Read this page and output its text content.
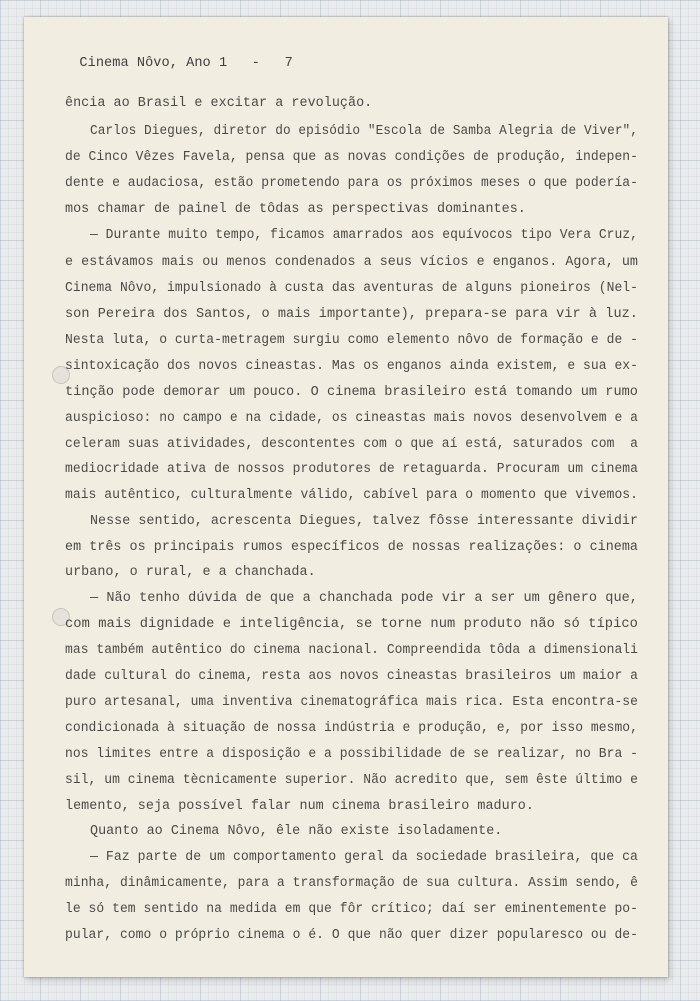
Cinema Nôvo, Ano 1 - 7

ência ao Brasil e excitar a revolução.
Carlos Diegues, diretor do episódio "Escola de Samba Alegria de Viver",
de Cinco Vêzes Favela, pensa que as novas condições de produção, indepen-
dente e audaciosa, estão prometendo para os próximos meses o que podería-
mos chamar de painel de tôdas as perspectivas dominantes.
— Durante muito tempo, ficamos amarrados aos equívocos tipo Vera Cruz,
e estávamos mais ou menos condenados a seus vícios e enganos. Agora, um
Cinema Nôvo, impulsionado à custa das aventuras de alguns pioneiros (Nel-
son Pereira dos Santos, o mais importante), prepara-se para vir à luz.
Nesta luta, o curta-metragem surgiu como elemento nôvo de formação e de -
sintoxicação dos novos cineastas. Mas os enganos ainda existem, e sua ex-
tinção pode demorar um pouco. O cinema brasileiro está tomando um rumo
auspicioso: no campo e na cidade, os cineastas mais novos desenvolvem e a
celeram suas atividades, descontentes com o que aí está, saturados com  a
mediocridade ativa de nossos produtores de retaguarda. Procuram um cinema
mais autêntico, culturalmente válido, cabível para o momento que vivemos.
Nesse sentido, acrescenta Diegues, talvez fôsse interessante dividir
em três os principais rumos específicos de nossas realizações: o cinema
urbano, o rural, e a chanchada.
— Não tenho dúvida de que a chanchada pode vir a ser um gênero que,
com mais dignidade e inteligência, se torne num produto não só típico
mas também autêntico do cinema nacional. Compreendida tôda a dimensionali
dade cultural do cinema, resta aos novos cineastas brasileiros um maior a
puro artesanal, uma inventiva cinematográfica mais rica. Esta encontra-se
condicionada à situação de nossa indústria e produção, e, por isso mesmo,
nos limites entre a disposição e a possibilidade de se realizar, no Bra -
sil, um cinema tècnicamente superior. Não acredito que, sem êste último e
lemento, seja possível falar num cinema brasileiro maduro.
Quanto ao Cinema Nôvo, êle não existe isoladamente.
— Faz parte de um comportamento geral da sociedade brasileira, que ca
minha, dinâmicamente, para a transformação de sua cultura. Assim sendo, ê
le só tem sentido na medida em que fôr crítico; daí ser eminentemente po-
pular, como o próprio cinema o é. O que não quer dizer popularesco ou de-
